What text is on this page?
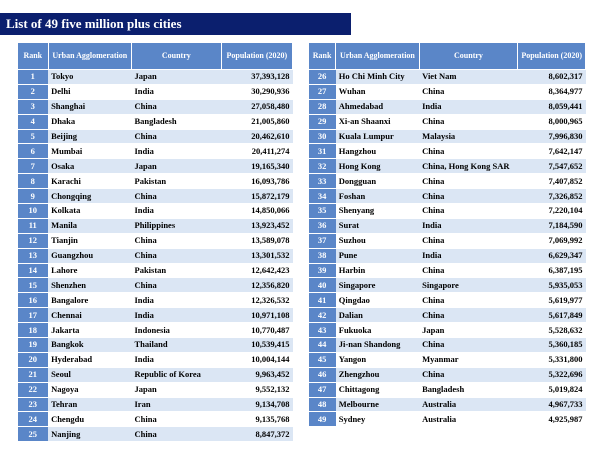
List of 49 five million plus cities
Rank	Urban Agglomeration	Country	Population (2020)
1	Tokyo	Japan	37,393,128
2	Delhi	India	30,290,936
3	Shanghai	China	27,058,480
4	Dhaka	Bangladesh	21,005,860
5	Beijing	China	20,462,610
6	Mumbai	India	20,411,274
7	Osaka	Japan	19,165,340
8	Karachi	Pakistan	16,093,786
9	Chongqing	China	15,872,179
10	Kolkata	India	14,850,066
11	Manila	Philippines	13,923,452
12	Tianjin	China	13,589,078
13	Guangzhou	China	13,301,532
14	Lahore	Pakistan	12,642,423
15	Shenzhen	China	12,356,820
16	Bangalore	India	12,326,532
17	Chennai	India	10,971,108
18	Jakarta	Indonesia	10,770,487
19	Bangkok	Thailand	10,539,415
20	Hyderabad	India	10,004,144
21	Seoul	Republic of Korea	9,963,452
22	Nagoya	Japan	9,552,132
23	Tehran	Iran	9,134,708
24	Chengdu	China	9,135,768
25	Nanjing	China	8,847,372
Rank	Urban Agglomeration	Country	Population (2020)
26	Ho Chi Minh City	Viet Nam	8,602,317
27	Wuhan	China	8,364,977
28	Ahmedabad	India	8,059,441
29	Xi-an Shaanxi	China	8,000,965
30	Kuala Lumpur	Malaysia	7,996,830
31	Hangzhou	China	7,642,147
32	Hong Kong	China, Hong Kong SAR	7,547,652
33	Dongguan	China	7,407,852
34	Foshan	China	7,326,852
35	Shenyang	China	7,220,104
36	Surat	India	7,184,590
37	Suzhou	China	7,069,992
38	Pune	India	6,629,347
39	Harbin	China	6,387,195
40	Singapore	Singapore	5,935,053
41	Qingdao	China	5,619,977
42	Dalian	China	5,617,849
43	Fukuoka	Japan	5,528,632
44	Ji-nan Shandong	China	5,360,185
45	Yangon	Myanmar	5,331,800
46	Zhengzhou	China	5,322,696
47	Chittagong	Bangladesh	5,019,824
48	Melbourne	Australia	4,967,733
49	Sydney	Australia	4,925,987
